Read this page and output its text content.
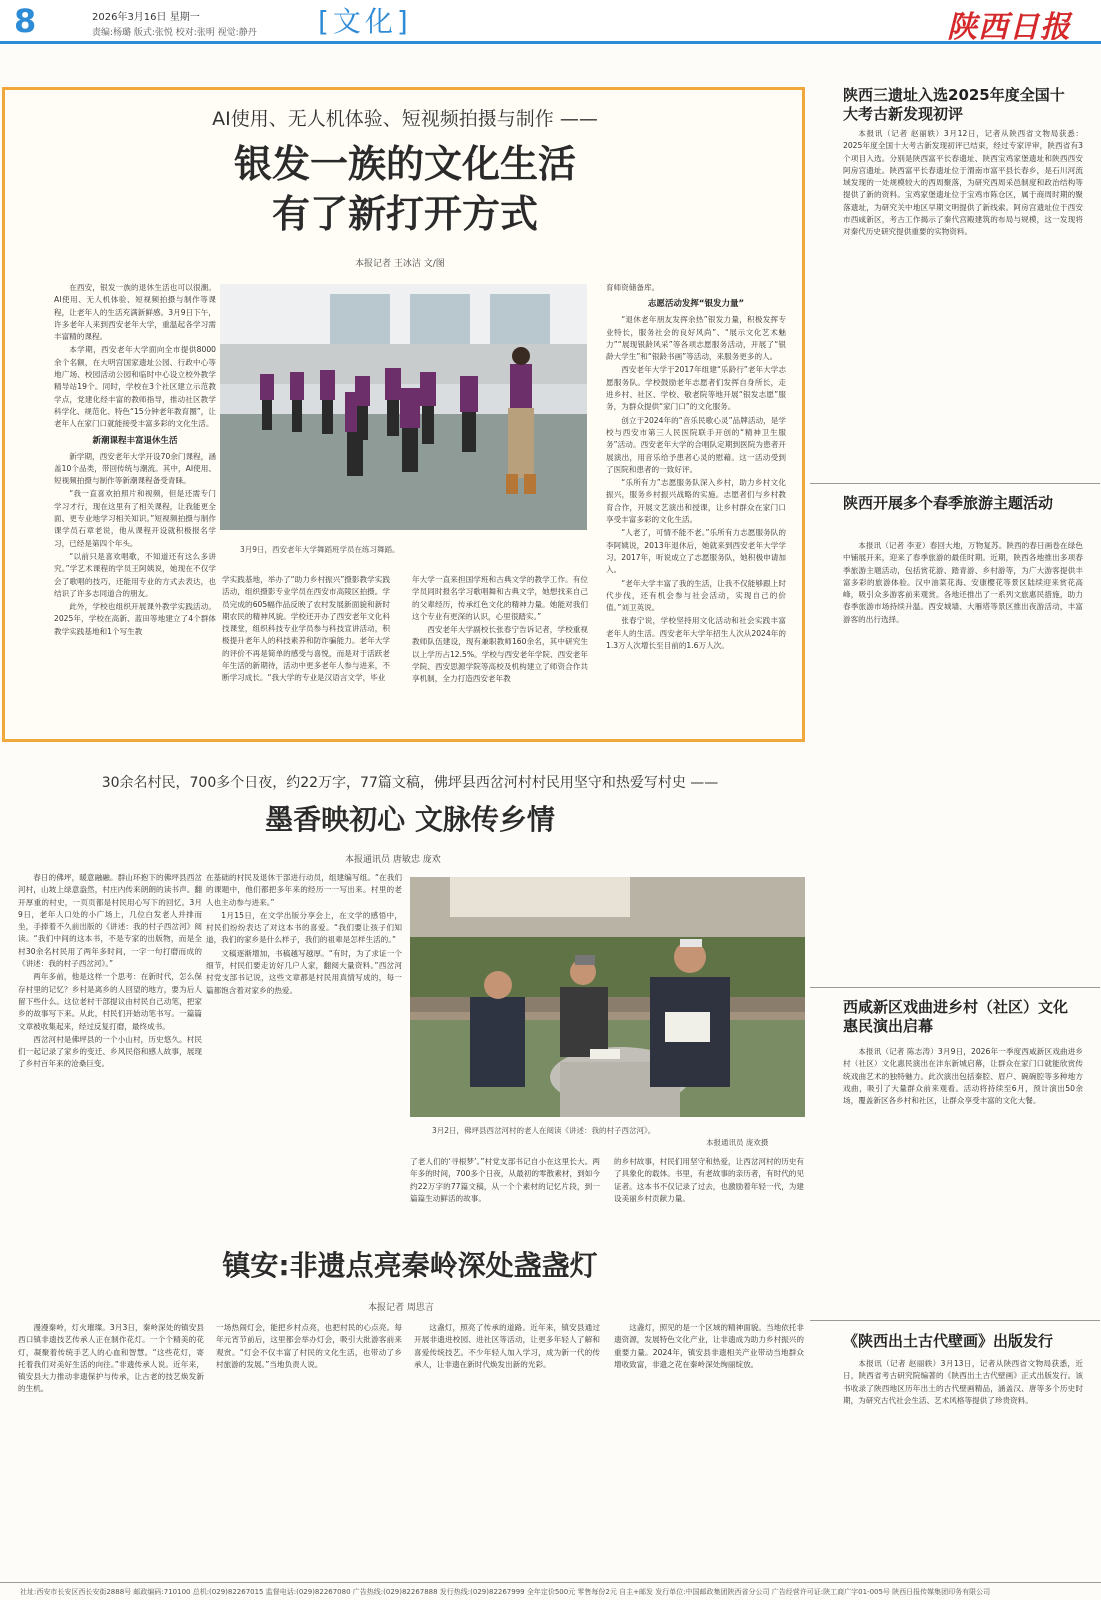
8	2026年3月16日 星期一
责编:杨璐 版式:张悦 校对:张明 视觉:静丹 [文化]	陕西日报
AI使用、无人机体验、短视频拍摄与制作 ——
银发一族的文化生活
有了新打开方式
本报记者 王冰洁 文/图

在西安，银发一族的退休生活也可以很潮。AI使用、无人机体验、短视频拍摄与制作等课程，让老年人的生活充满新鲜感。3月9日下午，许多老年人来到西安老年大学，重温起各学习需丰富精的课程。

本学期，西安老年大学面向全市提供8000余个名额，在大明宫国家遗址公园、行政中心等地广场、校园活动公园和临时中心设立校外教学精导站19个。同时，学校在3个社区建立示范教学点，党建化经丰富的教师指导，推动社区教学科学化、规范化、特色“15分钟老年教育圈”，让老年人在家门口就能接受丰富多彩的文化生活。

新潮课程丰富退休生活

新学期，西安老年大学开设70余门课程，涵盖10个品类，带回传统与潮流。其中，AI使用、短视频拍摄与制作等新潮课程备受青睐。

“我一直喜欢拍照片和视频，但是还需专门学习才行，现在这里有了相关课程，让我能更全面、更专业地学习相关知识。”短视频拍摄与制作课学员石章老说，他从课程开设就积极报名学习，已经是第四个年头。

“以前只是喜欢唱歌，不知道还有这么多讲究。”学艺术课程的学员王阿姨说，她现在不仅学会了歌唱的技巧，还能用专业的方式去表达，也结识了许多志同道合的朋友。

此外，学校也组织开展课外教学实践活动。2025年，学校在高新、蓝田等地建立了4个群体教学实践基地和1个写生教

3月9日，西安老年大学舞蹈班学员在练习舞蹈。

学实践基地，举办了“助力乡村振兴”摄影教学实践活动，组织摄影专业学员在西安市高陵区拍摄。学员完成的605幅作品反映了农村发展新面貌和新时期农民的精神风貌。学校还开办了西安老年文化科技课堂，组织科技专业学员参与科技宣讲活动，积极提升老年人的科技素养和防诈骗能力。老年大学的评价不再是简单的感受与喜悦，而是对于活跃老年生活的新期待，活动中更多老年人参与进来，不断学习成长。“我大学的专业是汉语言文学，毕业

年大学一直来担国学班和古典文学的教学工作。有位学员同时报名学习歌唱舞和古典文学，她想找来自己的父辈经历，传承红色文化的精神力量。她能对我们这个专业有更深的认识，心里很踏实。”

西安老年大学副校长张春宁告诉记者，学校重视教师队伍建设，现有兼职教师160余名，其中研究生以上学历占12.5%。学校与西安老年学院、西安老年学院、西安思源学院等高校及机构建立了师资合作共享机制，全力打造西安老年教

育师资储备库。

志愿活动发挥“银发力量”

“退休老年朋友发挥余热”银发力量，积极发挥专业特长，服务社会的良好风尚”、“展示文化艺术魅力”“展现银龄风采”等各项志愿服务活动，开展了“银龄大学生”和“银龄书画”等活动，来服务更多的人。

西安老年大学于2017年组建“乐龄行”老年大学志愿服务队。学校鼓励老年志愿者们发挥自身所长，走进乡村、社区、学校、敬老院等地开展“银发志愿”服务，为群众提供“家门口”的文化服务。

创立于2024年的“音乐民歌心灵”品牌活动，是学校与西安市第三人民医院联手开创的“精神卫生服务”活动。西安老年大学的合唱队定期到医院为患者开展演出，用音乐给予患者心灵的慰藉。这一活动受到了医院和患者的一致好评。

“乐所有力”志愿服务队深入乡村，助力乡村文化振兴，服务乡村振兴战略的实施。志愿者们与乡村教育合作，开展文艺演出和授课，让乡村群众在家门口享受丰富多彩的文化生活。

“人老了，可情不能不老。”乐所有力志愿服务队的李阿姨说，2013年退休后，她就来到西安老年大学学习。2017年，听说成立了志愿服务队，她积极申请加入。

“老年大学丰富了我的生活，让我不仅能够跟上时代步伐，还有机会参与社会活动，实现自己的价值。”刘卫英说。

张春宁说，学校坚持用文化活动和社会实践丰富老年人的生活。西安老年大学年招生人次从2024年的1.3万人次增长至目前的1.6万人次。

30余名村民，700多个日夜，约22万字，77篇文稿，佛坪县西岔河村村民用坚守和热爱写村史 ——
墨香映初心 文脉传乡情
本报通讯员 唐敏忠 庞欢

春日的佛坪，暖意融融。群山环抱下的佛坪县西岔河村，山坡上绿意盎然，村庄内传来朗朗的读书声。翻开厚重的村史，一页页都是村民用心写下的回忆。3月9日，老年人口处的小广场上，几位白发老人并排而坐，手捧着不久前出版的《讲述：我的村子西岔河》阅读。“我们中间的这本书，不是专家的出版物，而是全村30余名村民用了两年多时间，一字一句打磨而成的《讲述：我的村子西岔河》。”

两年多前，他是这样一个思考：在新时代，怎么保存村里的记忆？乡村是离乡的人回望的地方，要为后人留下些什么。这位老村干部提议由村民自己动笔，把家乡的故事写下来。从此，村民们开始动笔书写。一篇篇文章被收集起来，经过反复打磨，最终成书。

西岔河村是佛坪县的一个小山村，历史悠久。村民们一起记录了家乡的变迁、乡风民俗和感人故事，展现了乡村百年来的沧桑巨变。

在基础的村民及退休干部进行动员，组建编写组。“在我们的课题中，他们都把多年来的经历一一写出来。村里的老人也主动参与进来。”

1月15日，在文学出版分享会上，在文学的感悟中，村民们纷纷表达了对这本书的喜爱。“我们要让孩子们知道，我们的家乡是什么样子，我们的祖辈是怎样生活的。”

文稿逐渐增加，书稿越写越厚。“有时，为了求证一个细节，村民们要走访好几户人家，翻阅大量资料。”西岔河村党支部书记说，这些文章都是村民用真情写成的，每一篇都饱含着对家乡的热爱。

3月2日，佛坪县西岔河村的老人在阅读《讲述：我的村子西岔河》。
本报通讯员 庞欢摄

了老人们的‘寻根梦’。”村党支部书记自小在这里长大。两年多的时间，700多个日夜，从最初的零散素材，到如今约22万字的77篇文稿，从一个个素材的记忆片段，到一篇篇生动鲜活的故事。

的乡村故事，村民们用坚守和热爱，让西岔河村的历史有了具象化的载体。书里，有老故事的亲历者，有时代的见证者。这本书不仅记录了过去，也激励着年轻一代，为建设美丽乡村贡献力量。

镇安:非遗点亮秦岭深处盏盏灯
本报记者 周思言

漫漫秦岭，灯火璀璨。3月3日，秦岭深处的镇安县西口镇非遗技艺传承人正在制作花灯。一个个精美的花灯，凝聚着传统手艺人的心血和智慧。“这些花灯，寄托着我们对美好生活的向往。”非遗传承人说。近年来，镇安县大力推动非遗保护与传承，让古老的技艺焕发新的生机。

一场热闹灯会，能把乡村点亮，也把村民的心点亮。每年元宵节前后，这里都会举办灯会，吸引大批游客前来观赏。“灯会不仅丰富了村民的文化生活，也带动了乡村旅游的发展。”当地负责人说。

这盏灯，照亮了传承的道路。近年来，镇安县通过开展非遗进校园、进社区等活动，让更多年轻人了解和喜爱传统技艺。不少年轻人加入学习，成为新一代的传承人，让非遗在新时代焕发出新的光彩。

这盏灯，照见的是一个区域的精神面貌。当地依托非遗资源，发展特色文化产业，让非遗成为助力乡村振兴的重要力量。2024年，镇安县非遗相关产业带动当地群众增收致富，非遗之花在秦岭深处绚丽绽放。

陕西三遗址入选2025年度全国十大考古新发现初评

本报讯（记者 赵丽轶）3月12日，记者从陕西省文物局获悉：2025年度全国十大考古新发现初评已结束，经过专家评审，陕西省有3个项目入选。分别是陕西富平长春遗址、陕西宝鸡家堡遗址和陕西西安阿房宫遗址。陕西富平长春遗址位于渭南市富平县长春乡，是石川河流域发现的一处规模较大的西周聚落，为研究西周采邑制度和政治结构等提供了新的资料。宝鸡家堡遗址位于宝鸡市陈仓区，属于商周时期的聚落遗址，为研究关中地区早期文明提供了新线索。阿房宫遗址位于西安市西咸新区，考古工作揭示了秦代宫殿建筑的布局与规模，这一发现将对秦代历史研究提供重要的实物资料。

陕西开展多个春季旅游主题活动

本报讯（记者 李亚）春回大地，万物复苏。陕西的春日画卷在绿色中铺展开来，迎来了春季旅游的最佳时期。近期，陕西各地推出多项春季旅游主题活动，包括赏花游、踏青游、乡村游等，为广大游客提供丰富多彩的旅游体验。汉中油菜花海、安康樱花等景区陆续迎来赏花高峰，吸引众多游客前来观赏。各地还推出了一系列文旅惠民措施，助力春季旅游市场持续升温。西安城墙、大雁塔等景区推出夜游活动，丰富游客的出行选择。

西咸新区戏曲进乡村（社区）文化惠民演出启幕

本报讯（记者 陈志涛）3月9日，2026年一季度西咸新区戏曲进乡村（社区）文化惠民演出在沣东新城启幕，让群众在家门口就能欣赏传统戏曲艺术的独特魅力。此次演出包括秦腔、眉户、碗碗腔等多种地方戏曲，吸引了大量群众前来观看。活动将持续至6月，预计演出50余场，覆盖新区各乡村和社区，让群众享受丰富的文化大餐。

《陕西出土古代壁画》出版发行

本报讯（记者 赵丽轶）3月13日，记者从陕西省文物局获悉，近日，陕西省考古研究院编著的《陕西出土古代壁画》正式出版发行。该书收录了陕西地区历年出土的古代壁画精品，涵盖汉、唐等多个历史时期，为研究古代社会生活、艺术风格等提供了珍贵资料。

社址:西安市长安区西长安街2888号 邮政编码:710100 总机:(029)82267015 监督电话:(029)82267080 广告热线:(029)82267888 发行热线:(029)82267999 全年定价500元 零售每份2元 自主+邮发 发行单位:中国邮政集团陕西省分公司 广告经营许可证:陕工商广字01-005号 陕西日报传媒集团印务有限公司
